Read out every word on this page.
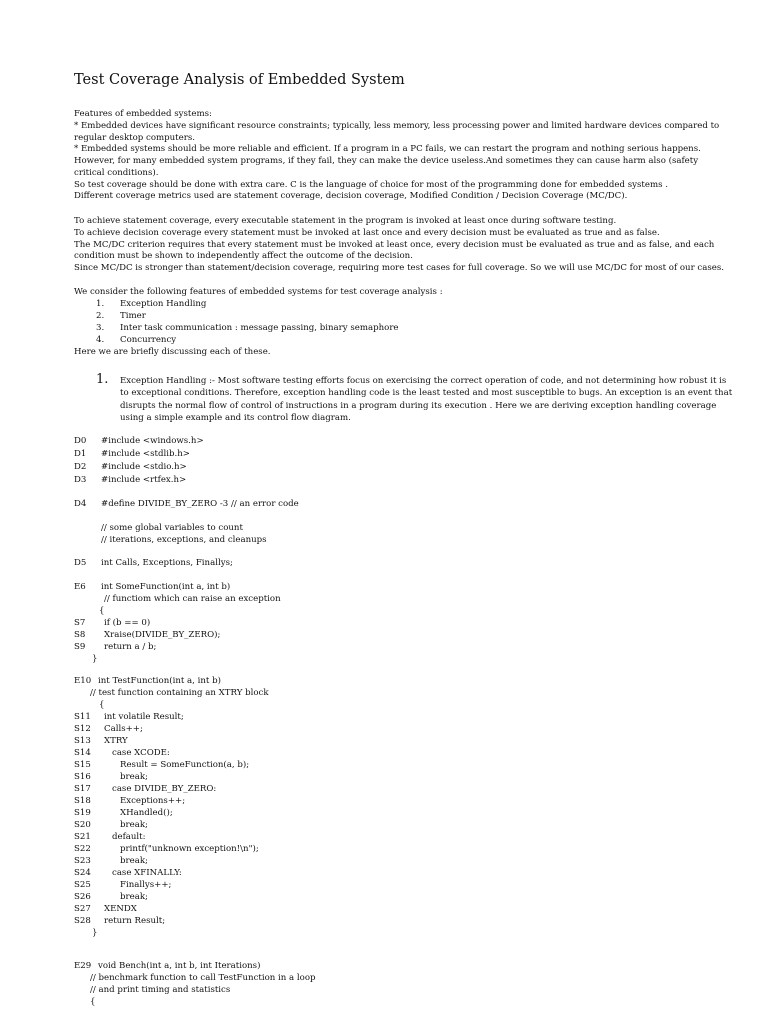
Test Coverage Analysis of Embedded System
Features of embedded systems:
* Embedded devices have significant resource constraints; typically, less memory, less processing power and limited hardware devices compared to
regular desktop computers.
* Embedded systems should be more reliable and efficient. If a program in a PC fails, we can restart the program and nothing serious happens.
However, for many embedded system programs, if they fail, they can make the device useless.And sometimes they can cause harm also (safety
critical conditions).
So test coverage should be done with extra care. C is the language of choice for most of the programming done for embedded systems .
Different coverage metrics used are statement coverage, decision coverage, Modified Condition / Decision Coverage (MC/DC).
To achieve statement coverage, every executable statement in the program is invoked at least once during software testing.
To achieve decision coverage every statement must be invoked at last once and every decision must be evaluated as true and as false.
The MC/DC criterion requires that every statement must be invoked at least once, every decision must be evaluated as true and as false, and each
condition must be shown to independently affect the outcome of the decision.
Since MC/DC is stronger than statement/decision coverage, requiring more test cases for full coverage. So we will use MC/DC for most of our cases.
We consider the following features of embedded systems for test coverage analysis :
1. Exception Handling
2. Timer
3. Inter task communication : message passing, binary semaphore
4. Concurrency
Here we are briefly discussing each of these.
1. Exception Handling :- Most software testing efforts focus on exercising the correct operation of code, and not determining how robust it is
to exceptional conditions. Therefore, exception handling code is the least tested and most susceptible to bugs. An exception is an event that
disrupts the normal flow of control of instructions in a program during its execution . Here we are deriving exception handling coverage
using a simple example and its control flow diagram.
D0 #include <windows.h>
D1 #include <stdlib.h>
D2 #include <stdio.h>
D3 #include <rtfex.h>
D4 #define DIVIDE_BY_ZERO -3 // an error code
// some global variables to count
// iterations, exceptions, and cleanups
D5 int Calls, Exceptions, Finallys;
E6 int SomeFunction(int a, int b)
// functiom which can raise an exception
{
S7 if (b == 0)
S8 Xraise(DIVIDE_BY_ZERO);
S9 return a / b;
}
E10 int TestFunction(int a, int b)
// test function containing an XTRY block
{
S11 int volatile Result;
S12 Calls++;
S13 XTRY
S14 case XCODE:
S15	Result = SomeFunction(a, b);
S16	break;
S17 case DIVIDE_BY_ZERO:
S18	Exceptions++;
S19	XHandled();
S20	break;
S21 default:
S22	printf("unknown exception!\n");
S23	break;
S24 case XFINALLY:
S25	Finallys++;
S26	break;
S27 XENDX
S28 return Result;
}
E29 void Bench(int a, int b, int Iterations)
// benchmark function to call TestFunction in a loop
// and print timing and statistics
{
